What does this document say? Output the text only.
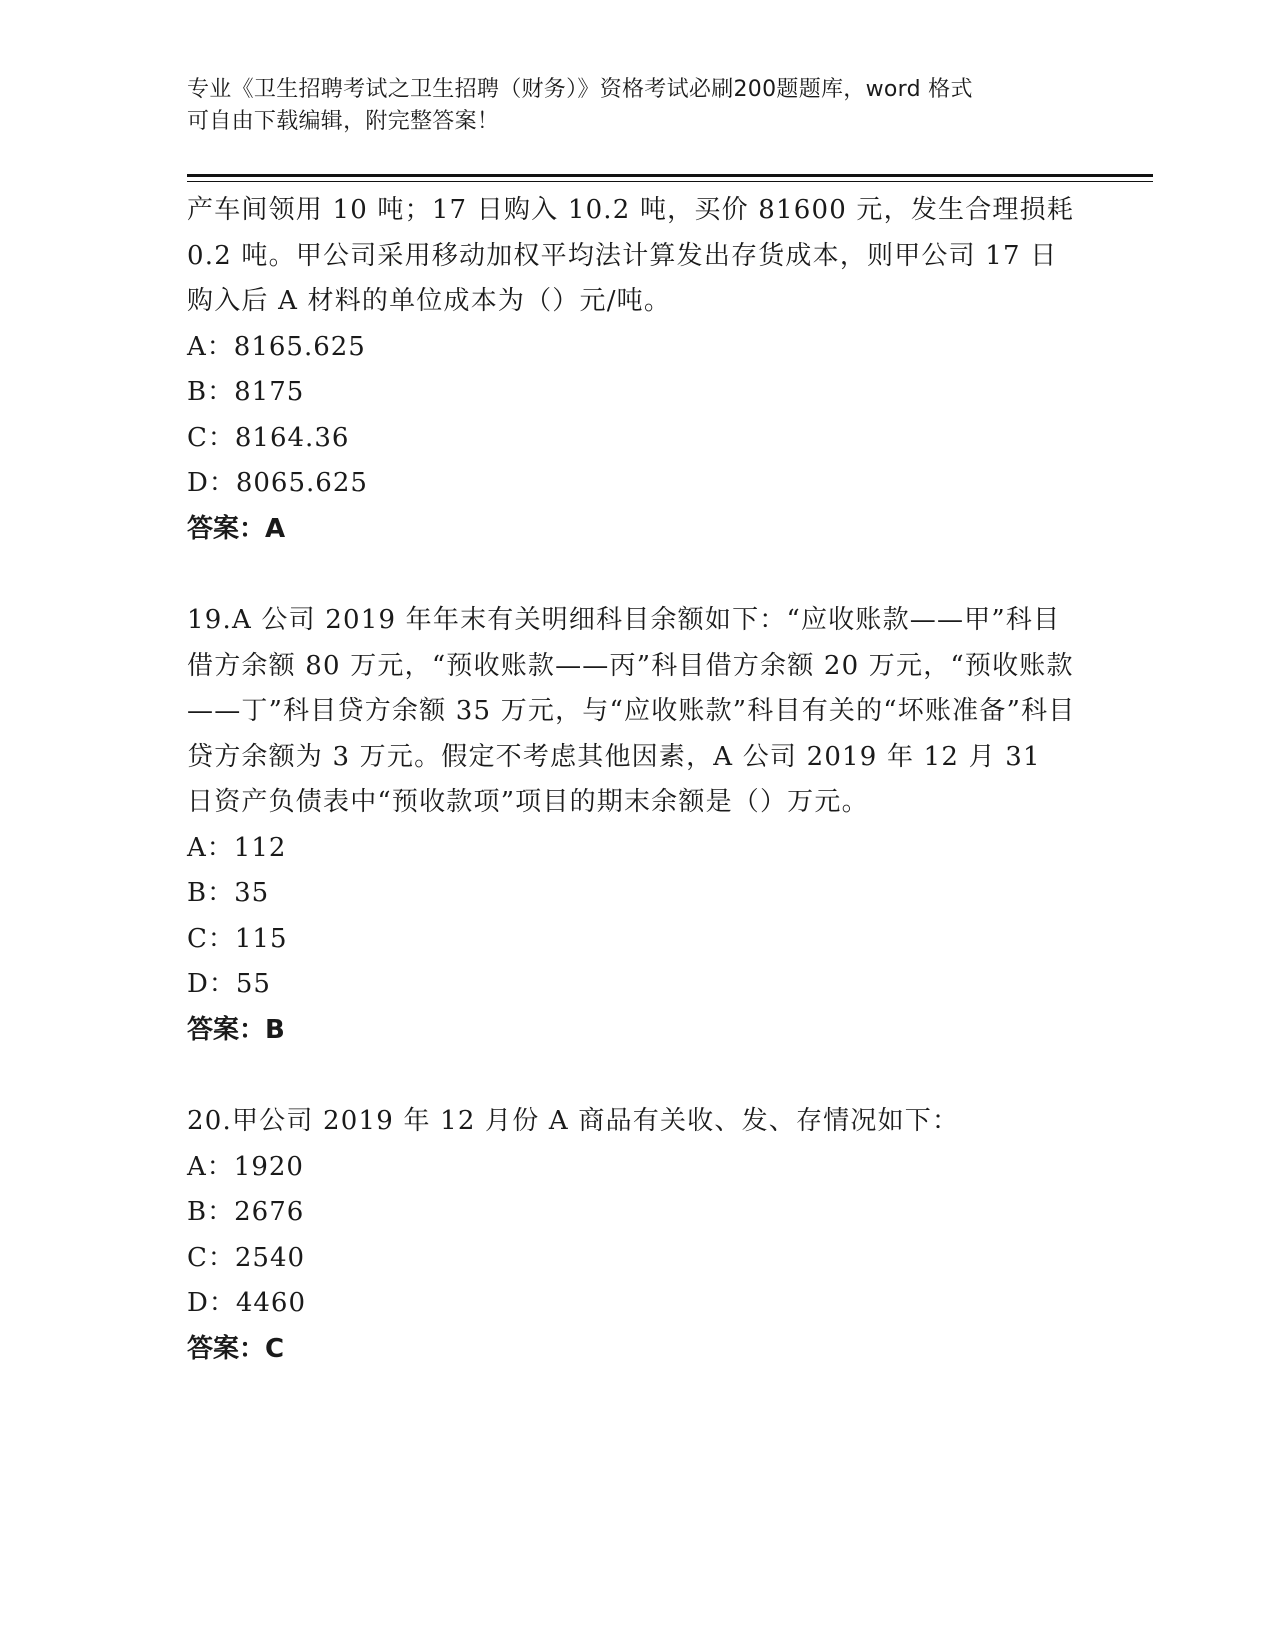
专业《卫生招聘考试之卫生招聘（财务）》资格考试必刷200题题库，word 格式
可自由下载编辑，附完整答案！

产车间领用 10 吨；17 日购入 10.2 吨，买价 81600 元，发生合理损耗 0.2 吨。甲公司采用移动加权平均法计算发出存货成本，则甲公司 17 日购入后 A 材料的单位成本为（）元/吨。

A：8165.625

B：8175

C：8164.36

D：8065.625

答案：A

19.A 公司 2019 年年末有关明细科目余额如下：“应收账款——甲”科目借方余额 80 万元，“预收账款——丙”科目借方余额 20 万元，“预收账款——丁”科目贷方余额 35 万元，与“应收账款”科目有关的“坏账准备”科目贷方余额为 3 万元。假定不考虑其他因素，A 公司 2019 年 12 月 31 日资产负债表中“预收款项”项目的期末余额是（）万元。

A：112

B：35

C：115

D：55

答案：B

20.甲公司 2019 年 12 月份 A 商品有关收、发、存情况如下：

A：1920

B：2676

C：2540

D：4460

答案：C
